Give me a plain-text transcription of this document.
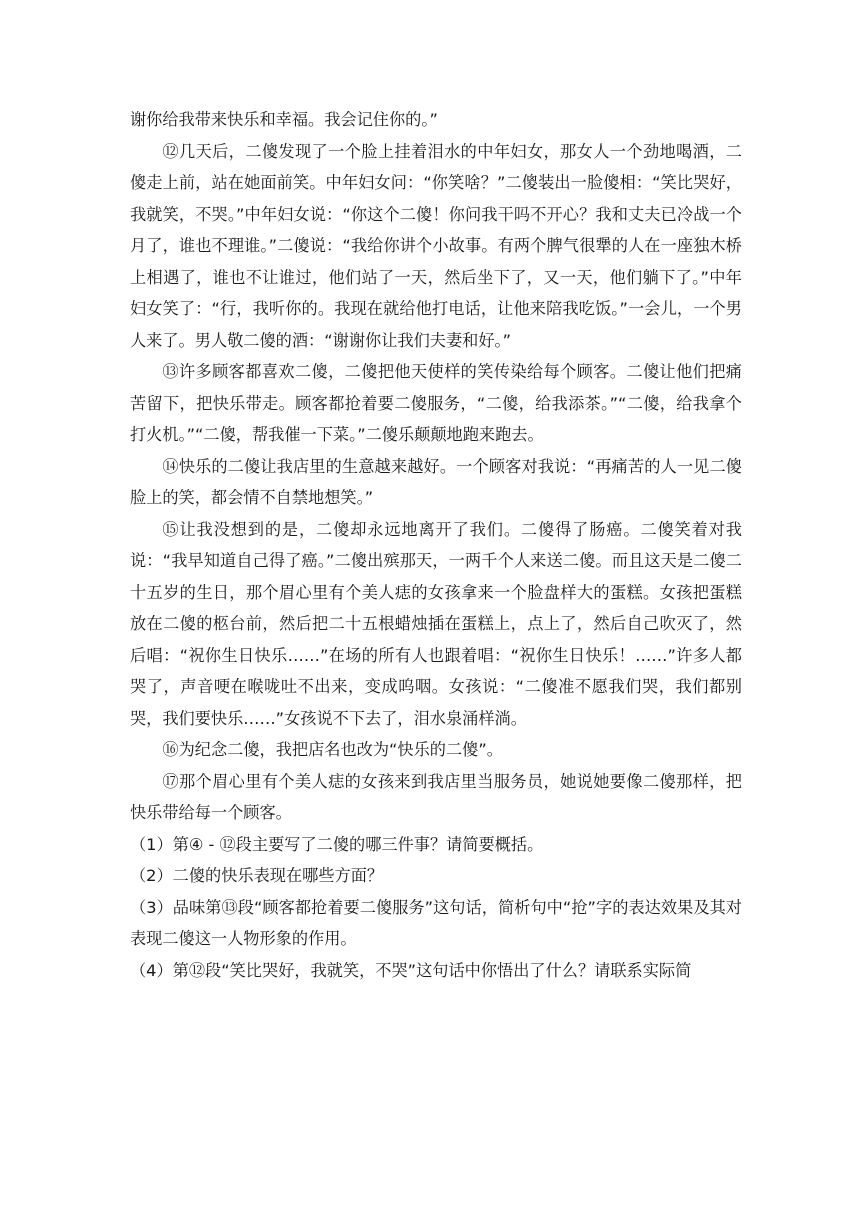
谢你给我带来快乐和幸福。我会记住你的。”

⑫几天后，二傻发现了一个脸上挂着泪水的中年妇女，那女人一个劲地喝酒，二傻走上前，站在她面前笑。中年妇女问：“你笑啥？”二傻装出一脸傻相：“笑比哭好，我就笑，不哭。”中年妇女说：“你这个二傻！你问我干吗不开心？我和丈夫已冷战一个月了，谁也不理谁。”二傻说：“我给你讲个小故事。有两个脾气很犟的人在一座独木桥上相遇了，谁也不让谁过，他们站了一天，然后坐下了，又一天，他们躺下了。”中年妇女笑了：“行，我听你的。我现在就给他打电话，让他来陪我吃饭。”一会儿，一个男人来了。男人敬二傻的酒：“谢谢你让我们夫妻和好。”

⑬许多顾客都喜欢二傻，二傻把他天使样的笑传染给每个顾客。二傻让他们把痛苦留下，把快乐带走。顾客都抢着要二傻服务，“二傻，给我添茶。”“二傻，给我拿个打火机。”“二傻，帮我催一下菜。”二傻乐颠颠地跑来跑去。

⑭快乐的二傻让我店里的生意越来越好。一个顾客对我说：“再痛苦的人一见二傻脸上的笑，都会情不自禁地想笑。”

⑮让我没想到的是，二傻却永远地离开了我们。二傻得了肠癌。二傻笑着对我说：“我早知道自己得了癌。”二傻出殡那天，一两千个人来送二傻。而且这天是二傻二十五岁的生日，那个眉心里有个美人痣的女孩拿来一个脸盘样大的蛋糕。女孩把蛋糕放在二傻的柩台前，然后把二十五根蜡烛插在蛋糕上，点上了，然后自己吹灭了，然后唱：“祝你生日快乐……”在场的所有人也跟着唱：“祝你生日快乐！……”许多人都哭了，声音哽在喉咙吐不出来，变成呜咽。女孩说：“二傻准不愿我们哭，我们都别哭，我们要快乐……”女孩说不下去了，泪水泉涌样淌。

⑯为纪念二傻，我把店名也改为“快乐的二傻”。

⑰那个眉心里有个美人痣的女孩来到我店里当服务员，她说她要像二傻那样，把快乐带给每一个顾客。

（1）第④ - ⑫段主要写了二傻的哪三件事？请简要概括。

（2）二傻的快乐表现在哪些方面？

（3）品味第⑬段“顾客都抢着要二傻服务”这句话，简析句中“抢”字的表达效果及其对表现二傻这一人物形象的作用。

（4）第⑫段“笑比哭好，我就笑，不哭”这句话中你悟出了什么？请联系实际简
